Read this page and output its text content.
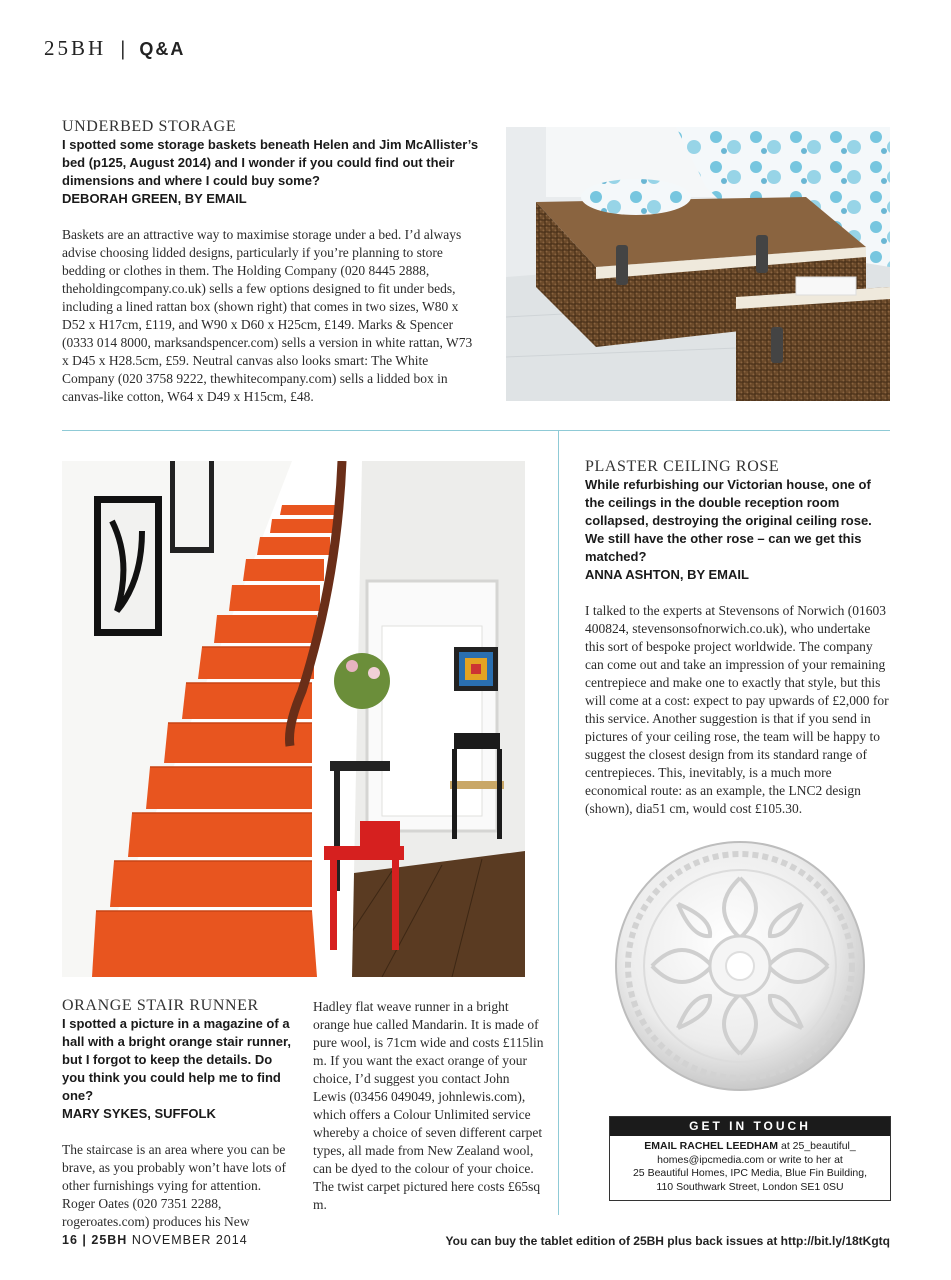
25BH | Q&A
UNDERBED STORAGE

I spotted some storage baskets beneath Helen and Jim McAllister’s bed (p125, August 2014) and I wonder if you could find out their dimensions and where I could buy some?

DEBORAH GREEN, BY EMAIL

Baskets are an attractive way to maximise storage under a bed. I’d always advise choosing lidded designs, particularly if you’re planning to store bedding or clothes in them. The Holding Company (020 8445 2888, theholdingcompany.co.uk) sells a few options designed to fit under beds, including a lined rattan box (shown right) that comes in two sizes, W80 x D52 x H17cm, £119, and W90 x D60 x H25cm, £149. Marks & Spencer (0333 014 8000, marksandspencer.com) sells a version in white rattan, W73 x D45 x H28.5cm, £59. Neutral canvas also looks smart: The White Company (020 3758 9222, thewhitecompany.com) sells a lidded box in canvas-like cotton, W64 x D49 x H15cm, £48.

ORANGE STAIR RUNNER

I spotted a picture in a magazine of a hall with a bright orange stair runner, but I forgot to keep the details. Do you think you could help me to find one?

MARY SYKES, SUFFOLK

The staircase is an area where you can be brave, as you probably won’t have lots of other furnishings vying for attention. Roger Oates (020 7351 2288, rogeroates.com) produces his New

Hadley flat weave runner in a bright orange hue called Mandarin. It is made of pure wool, is 71cm wide and costs £115lin m. If you want the exact orange of your choice, I’d suggest you contact John Lewis (03456 049049, johnlewis.com), which offers a Colour Unlimited service whereby a choice of seven different carpet types, all made from New Zealand wool, can be dyed to the colour of your choice. The twist carpet pictured here costs £65sq m.

PLASTER CEILING ROSE

While refurbishing our Victorian house, one of the ceilings in the double reception room collapsed, destroying the original ceiling rose. We still have the other rose – can we get this matched?

ANNA ASHTON, BY EMAIL

I talked to the experts at Stevensons of Norwich (01603 400824, stevensonsofnorwich.co.uk), who undertake this sort of bespoke project worldwide. The company can come out and take an impression of your remaining centrepiece and make one to exactly that style, but this will come at a cost: expect to pay upwards of £2,000 for this service. Another suggestion is that if you send in pictures of your ceiling rose, the team will be happy to suggest the closest design from its standard range of centrepieces. This, inevitably, is a much more economical route: as an example, the LNC2 design (shown), dia51 cm, would cost £105.30.

GET IN TOUCH
EMAIL RACHEL LEEDHAM at 25_beautiful_
homes@ipcmedia.com or write to her at
25 Beautiful Homes, IPC Media, Blue Fin Building,
110 Southwark Street, London SE1 0SU
16 | 25BH NOVEMBER 2014	You can buy the tablet edition of 25BH plus back issues at http://bit.ly/18tKgtq
